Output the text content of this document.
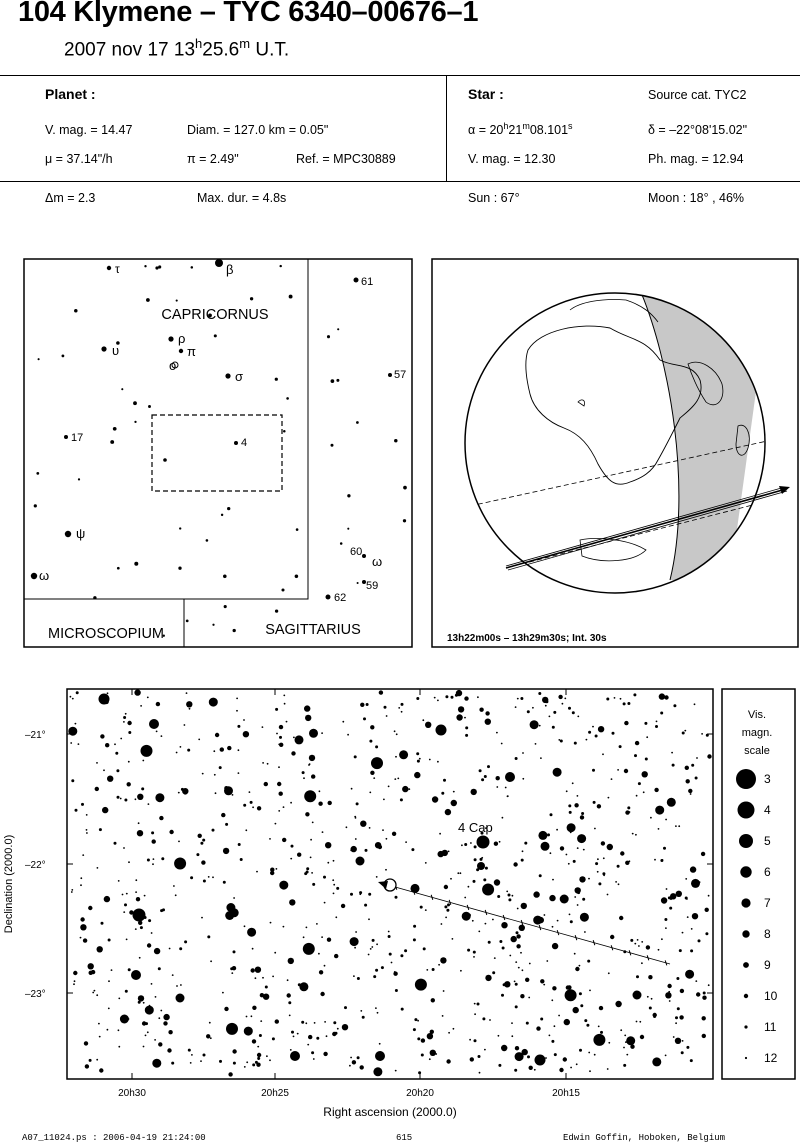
104 Klymene – TYC 6340–00676–1
2007 nov 17 13$^h$25.6$^m$ U.T.
Planet :
V. mag. = 14.47	Diam. = 127.0 km = 0.05"
μ = 37.14"/h	π = 2.49"	Ref. = MPC30889
Δm = 2.3	Max. dur. = 4.8s
Star :	Source cat. TYC2
$\alpha = 20^h21^m08.101^s$	δ = –22°08'15.02"
V. mag. = 12.30	Ph. mag. = 12.94
Sun : 67°	Moon : 18° , 46%
CAPRICORNUS
MICROSCOPIUM	SAGITTARIUS
τ	β
61
ρ
π
υ
ο
σ	57
17	4
ψ
60
ω
59
ω
62
13h22m00s – 13h29m30s; Int. 30s
4 Cap
–21°
–22°
–23°
20h30	20h25	20h20	20h15
Right ascension (2000.0)
Declination (2000.0)
Vis.
magn.
scale
3
4
5
6
7
8
9
10
11
12
A07_11024.ps : 2006-04-19 21:24:00	615	Edwin Goffin, Hoboken, Belgium
